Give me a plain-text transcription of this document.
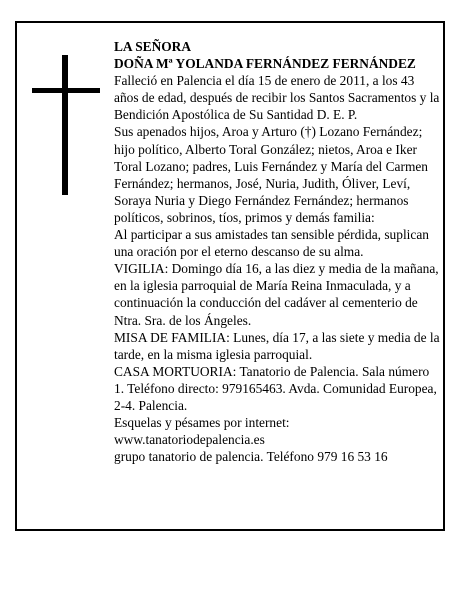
LA SEÑORA

DOÑA Mª YOLANDA FERNÁNDEZ FERNÁNDEZ

Falleció en Palencia el día 15 de enero de 2011, a los 43 años de edad, después de recibir los Santos Sacramentos y la Bendición Apostólica de Su Santidad D. E. P.

Sus apenados hijos, Aroa y Arturo (†) Lozano Fernández; hijo político, Alberto Toral González; nietos, Aroa e Iker Toral Lozano; padres, Luis Fernández y María del Carmen Fernández; hermanos, José, Nuria, Judith, Óliver, Leví, Soraya Nuria y Diego Fernández Fernández; hermanos políticos, sobrinos, tíos, primos y demás familia:

Al participar a sus amistades tan sensible pérdida, suplican una oración por el eterno descanso de su alma.

VIGILIA: Domingo día 16, a las diez y media de la mañana, en la iglesia parroquial de María Reina Inmaculada, y a continuación la conducción del cadáver al cementerio de Ntra. Sra. de los Ángeles.

MISA DE FAMILIA: Lunes, día 17, a las siete y media de la tarde, en la misma iglesia parroquial.

CASA MORTUORIA: Tanatorio de Palencia. Sala número 1. Teléfono directo: 979165463. Avda. Comunidad Europea, 2-4. Palencia.

Esquelas y pésames por internet:

www.tanatoriodepalencia.es

grupo tanatorio de palencia. Teléfono 979 16 53 16
